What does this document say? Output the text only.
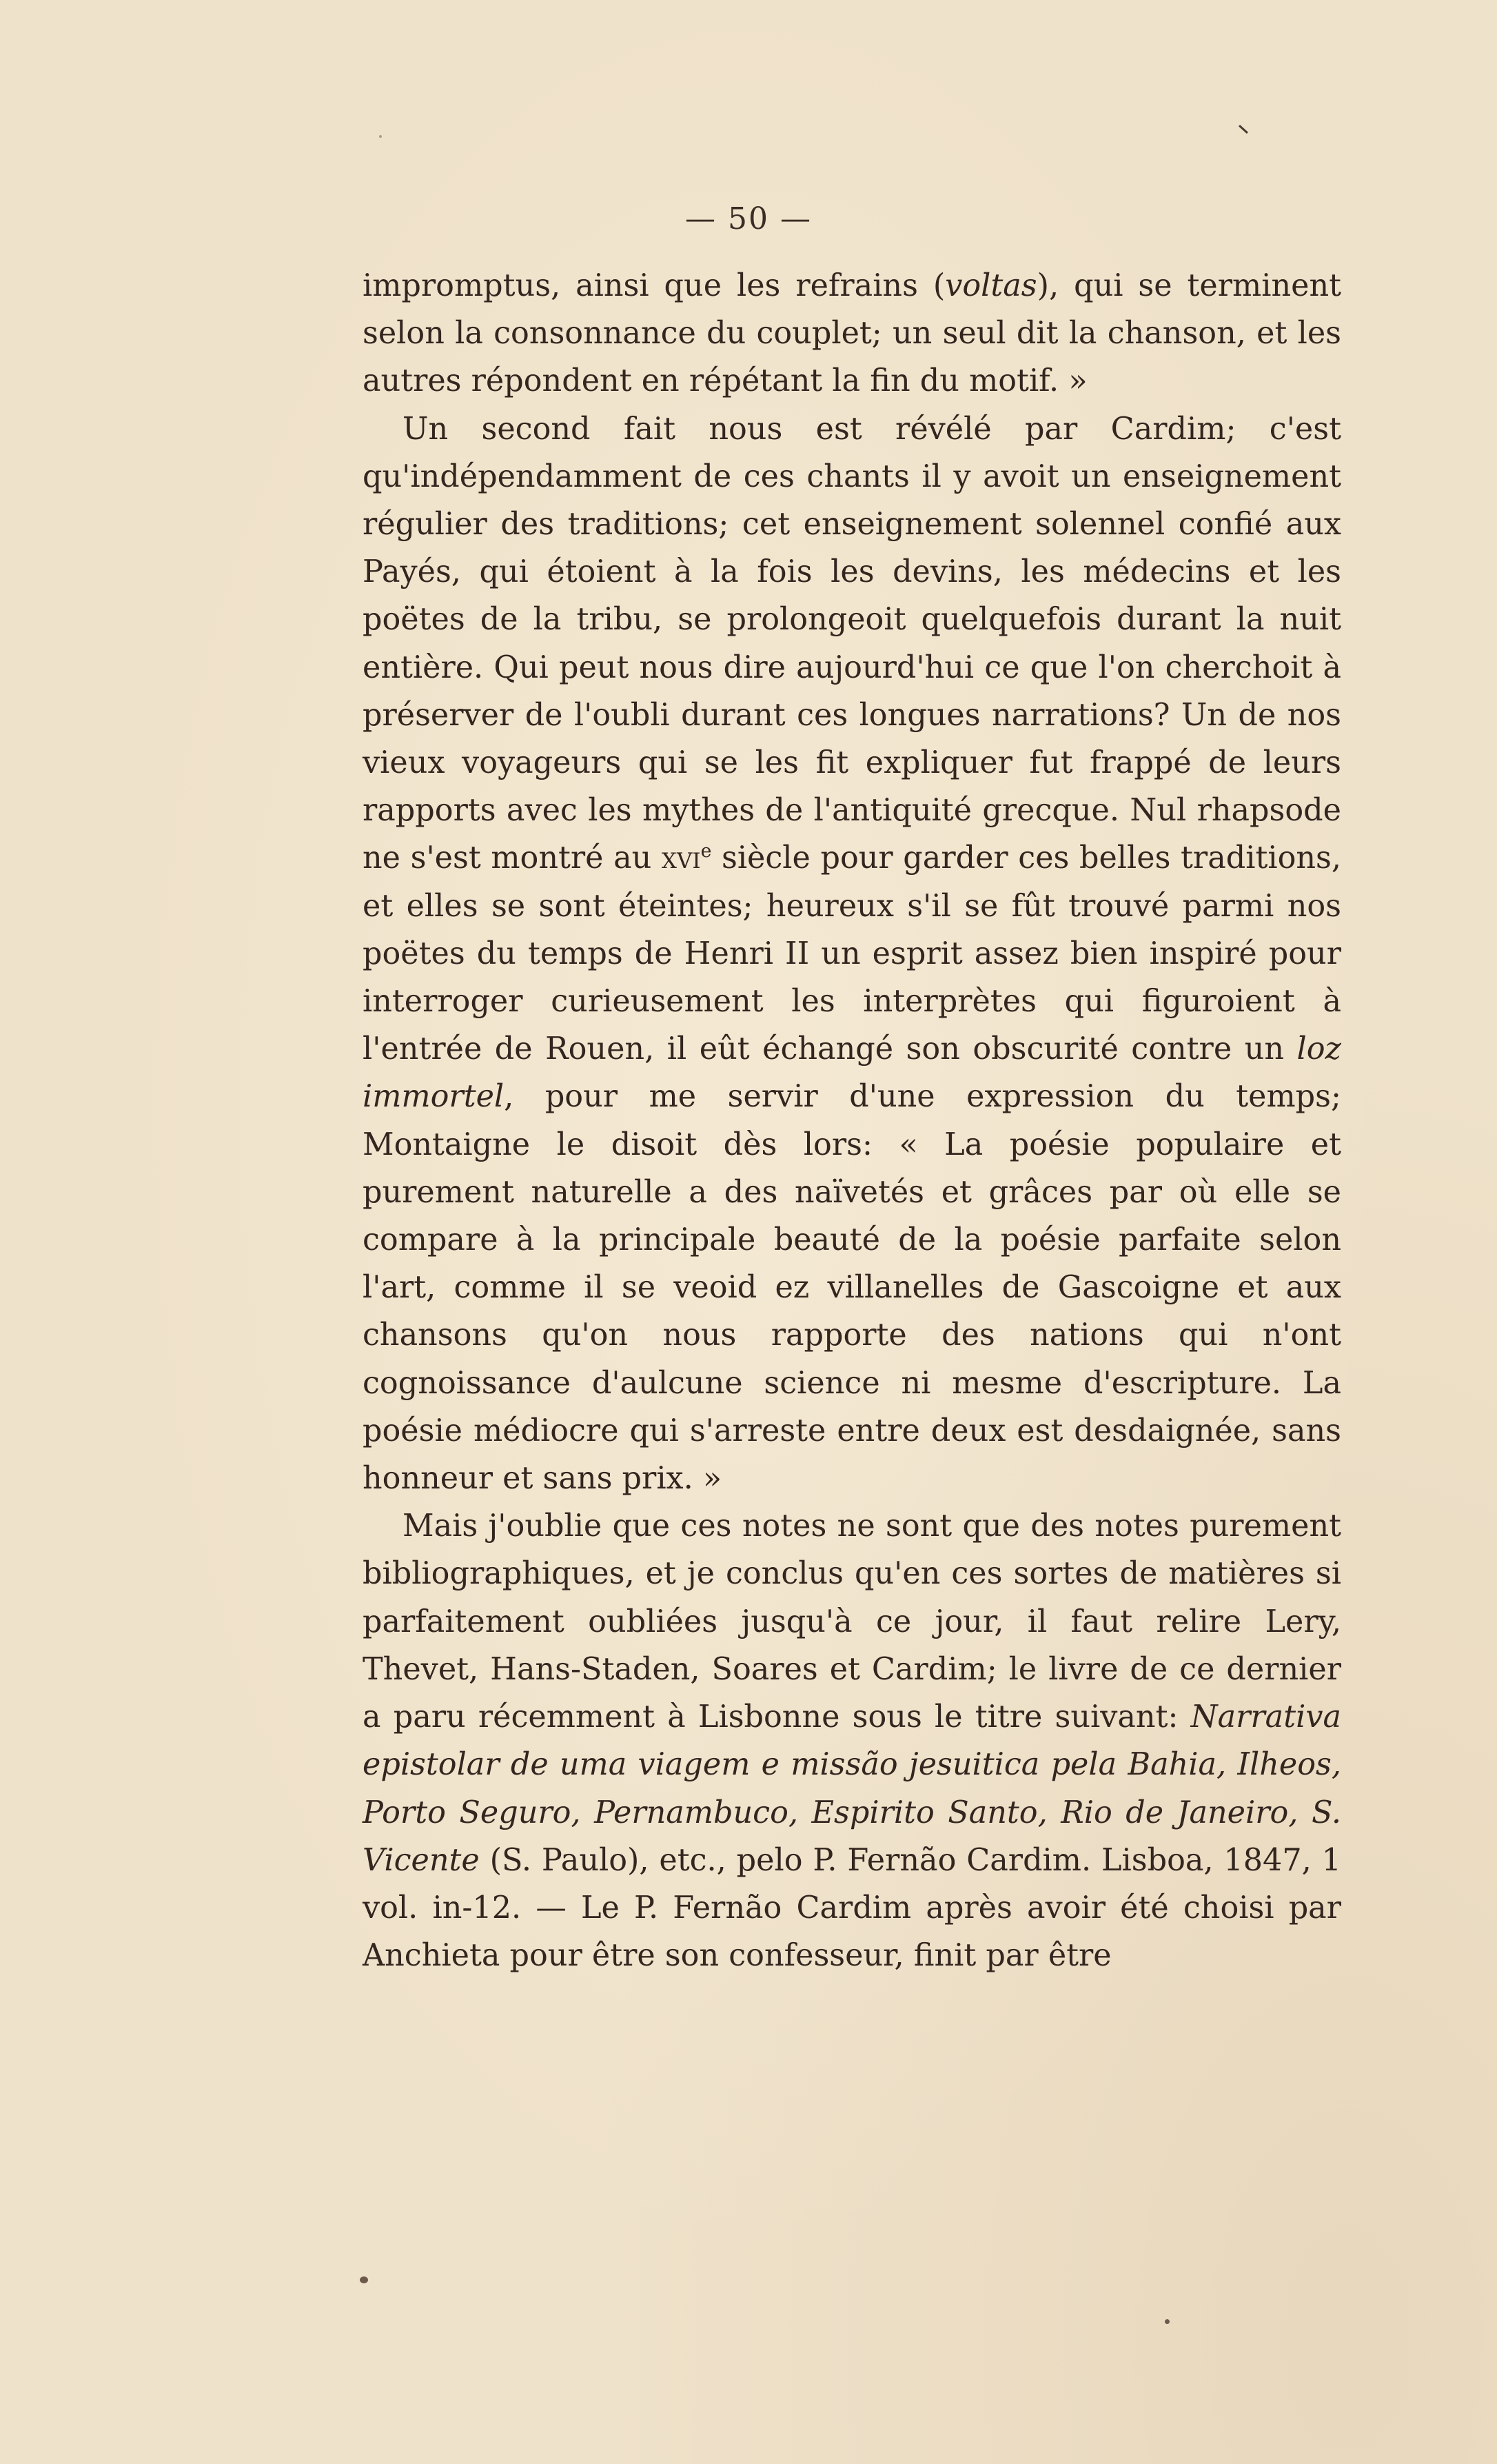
— 50 —

impromptus, ainsi que les refrains (voltas), qui se terminent selon la consonnance du couplet; un seul dit la chanson, et les autres répondent en répétant la fin du motif. »

Un second fait nous est révélé par Cardim; c'est qu'indépendamment de ces chants il y avoit un enseignement régulier des traditions; cet enseignement solennel confié aux Payés, qui étoient à la fois les devins, les médecins et les poëtes de la tribu, se prolongeoit quelquefois durant la nuit entière. Qui peut nous dire aujourd'hui ce que l'on cherchoit à préserver de l'oubli durant ces longues narrations? Un de nos vieux voyageurs qui se les fit expliquer fut frappé de leurs rapports avec les mythes de l'antiquité grecque. Nul rhapsode ne s'est montré au xvi$^e$ siècle pour garder ces belles traditions, et elles se sont éteintes; heureux s'il se fût trouvé parmi nos poëtes du temps de Henri II un esprit assez bien inspiré pour interroger curieusement les interprètes qui figuroient à l'entrée de Rouen, il eût échangé son obscurité contre un loz immortel, pour me servir d'une expression du temps; Montaigne le disoit dès lors: « La poésie populaire et purement naturelle a des naïvetés et grâces par où elle se compare à la principale beauté de la poésie parfaite selon l'art, comme il se veoid ez villanelles de Gascoigne et aux chansons qu'on nous rapporte des nations qui n'ont cognoissance d'aulcune science ni mesme d'escripture. La poésie médiocre qui s'arreste entre deux est desdaignée, sans honneur et sans prix. »

Mais j'oublie que ces notes ne sont que des notes purement bibliographiques, et je conclus qu'en ces sortes de matières si parfaitement oubliées jusqu'à ce jour, il faut relire Lery, Thevet, Hans-Staden, Soares et Cardim; le livre de ce dernier a paru récemment à Lisbonne sous le titre suivant: Narrativa epistolar de uma viagem e missão jesuitica pela Bahia, Ilheos, Porto Seguro, Pernambuco, Espirito Santo, Rio de Janeiro, S. Vicente (S. Paulo), etc., pelo P. Fernão Cardim. Lisboa, 1847, 1 vol. in-12. — Le P. Fernão Cardim après avoir été choisi par Anchieta pour être son confesseur, finit par être
